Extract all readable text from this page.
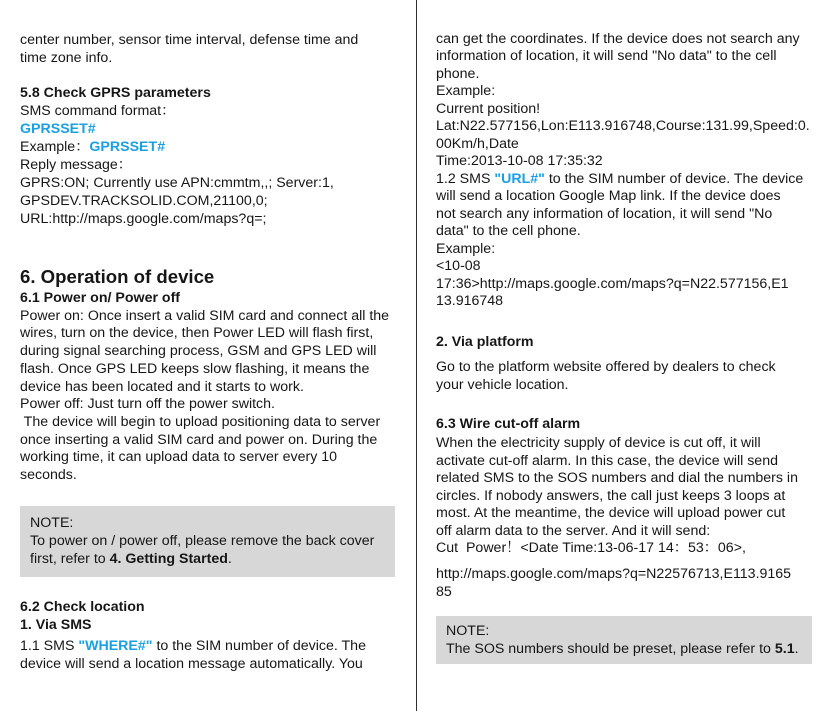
center number, sensor time interval, defense time and
time zone info.
5.8 Check GPRS parameters
SMS command format：
GPRSSET#
Example：GPRSSET#
Reply message：
GPRS:ON; Currently use APN:cmmtm,,; Server:1,
GPSDEV.TRACKSOLID.COM,21100,0;
URL:http://maps.google.com/maps?q=;
6. Operation of device
6.1 Power on/ Power off
Power on: Once insert a valid SIM card and connect all the
wires, turn on the device, then Power LED will flash first,
during signal searching process, GSM and GPS LED will
flash. Once GPS LED keeps slow flashing, it means the
device has been located and it starts to work.
Power off: Just turn off the power switch.
The device will begin to upload positioning data to server
once inserting a valid SIM card and power on. During the
working time, it can upload data to server every 10
seconds.
NOTE:
To power on / power off, please remove the back cover
first, refer to 4. Getting Started.
6.2 Check location
1. Via SMS
1.1 SMS "WHERE#" to the SIM number of device. The
device will send a location message automatically. You
can get the coordinates. If the device does not search any
information of location, it will send "No data" to the cell
phone.
Example:
Current position!
Lat:N22.577156,Lon:E113.916748,Course:131.99,Speed:0.
00Km/h,Date
Time:2013-10-08 17:35:32
1.2 SMS "URL#" to the SIM number of device. The device
will send a location Google Map link. If the device does
not search any information of location, it will send "No
data" to the cell phone.
Example:
<10-08
17:36>http://maps.google.com/maps?q=N22.577156,E1
13.916748
2. Via platform
Go to the platform website offered by dealers to check
your vehicle location.
6.3 Wire cut-off alarm
When the electricity supply of device is cut off, it will
activate cut-off alarm. In this case, the device will send
related SMS to the SOS numbers and dial the numbers in
circles. If nobody answers, the call just keeps 3 loops at
most. At the meantime, the device will upload power cut
off alarm data to the server. And it will send:
Cut  Power！<Date Time:13-06-17 14：53：06>,
http://maps.google.com/maps?q=N22576713,E113.9165
85
NOTE:
The SOS numbers should be preset, please refer to 5.1.
